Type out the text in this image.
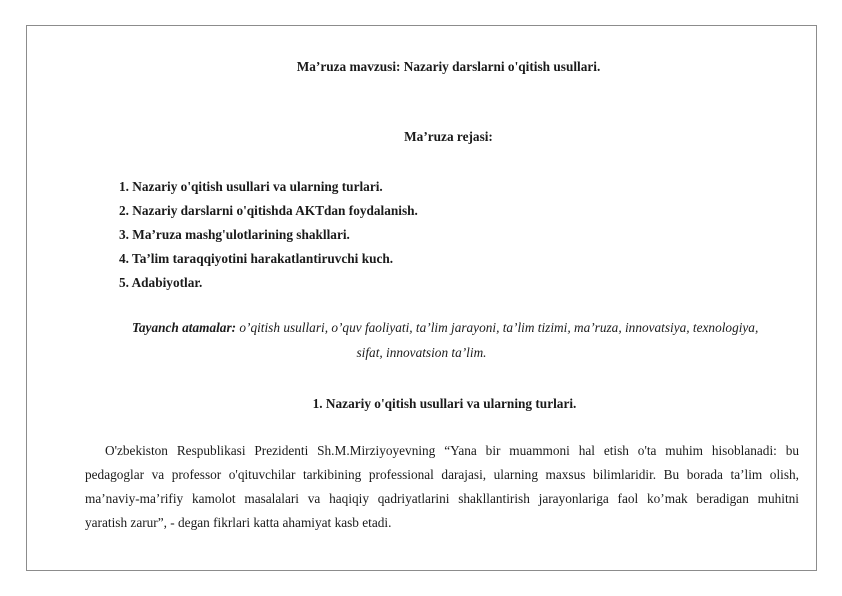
Ma’ruza mavzusi: Nazariy darslarni o'qitish usullari.
Ma’ruza rejasi:
1. Nazariy o'qitish usullari va ularning turlari.
2. Nazariy darslarni o'qitishda AKTdan foydalanish.
3. Ma’ruza mashg'ulotlarining shakllari.
4. Ta’lim taraqqiyotini harakatlantiruvchi kuch.
5. Adabiyotlar.
Tayanch atamalar: o’qitish usullari, o’quv faoliyati, ta’lim jarayoni, ta’lim tizimi, ma’ruza, innovatsiya, texnologiya,
sifat, innovatsion ta’lim.
1. Nazariy o'qitish usullari va ularning turlari.
O'zbekiston Respublikasi Prezidenti Sh.M.Mirziyoyevning “Yana bir muammoni hal etish o'ta muhim hisoblanadi: bu
pedagoglar va professor o'qituvchilar tarkibining professional darajasi, ularning maxsus bilimlaridir. Bu borada ta’lim olish,
ma’naviy-ma’rifiy kamolot masalalari va haqiqiy qadriyatlarini shakllantirish jarayonlariga faol ko’mak beradigan muhitni
yaratish zarur”, - degan fikrlari katta ahamiyat kasb etadi.
